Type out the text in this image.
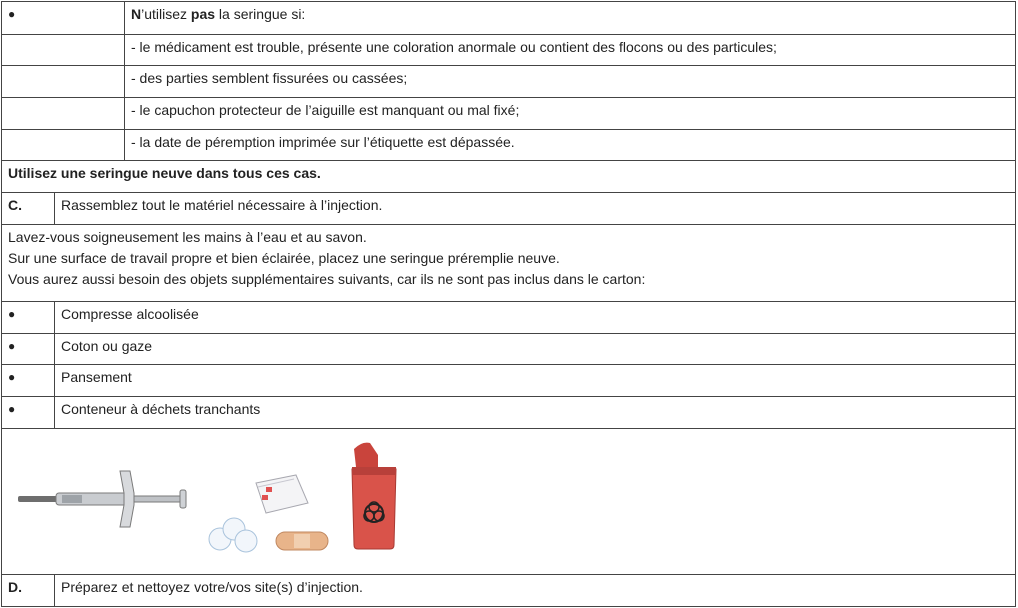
●	N’utilisez pas la seringue si:
- le médicament est trouble, présente une coloration anormale ou contient des flocons ou des particules;
- des parties semblent fissurées ou cassées;
- le capuchon protecteur de l’aiguille est manquant ou mal fixé;
- la date de péremption imprimée sur l’étiquette est dépassée.
Utilisez une seringue neuve dans tous ces cas.
C.	Rassemblez tout le matériel nécessaire à l’injection.
Lavez-vous soigneusement les mains à l’eau et au savon.
Sur une surface de travail propre et bien éclairée, placez une seringue préremplie neuve.
Vous aurez aussi besoin des objets supplémentaires suivants, car ils ne sont pas inclus dans le carton:
●	Compresse alcoolisée
●	Coton ou gaze
●	Pansement
●	Conteneur à déchets tranchants
D.	Préparez et nettoyez votre/vos site(s) d’injection.
